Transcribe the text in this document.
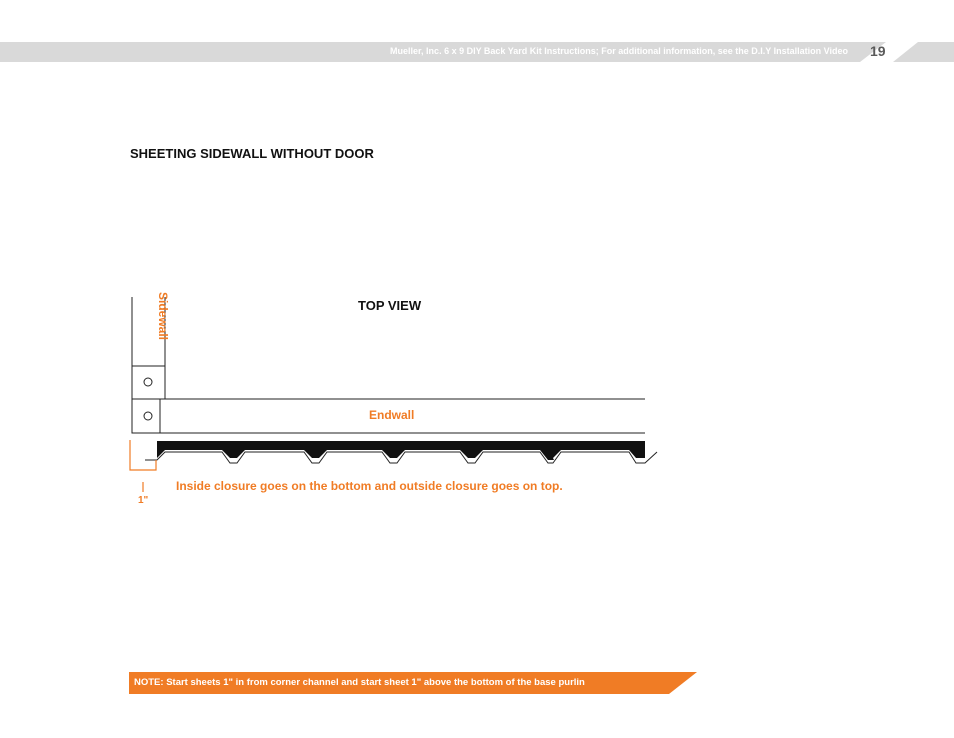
Mueller, Inc. 6 x 9 DIY Back Yard Kit Instructions; For additional information, see the D.I.Y Installation Video 19
SHEETING SIDEWALL WITHOUT DOOR
Sidewall	TOP VIEW
Endwall
1"
Inside closure goes on the bottom and outside closure goes on top.
NOTE: Start sheets 1" in from corner channel and start sheet 1" above the bottom of the base purlin
